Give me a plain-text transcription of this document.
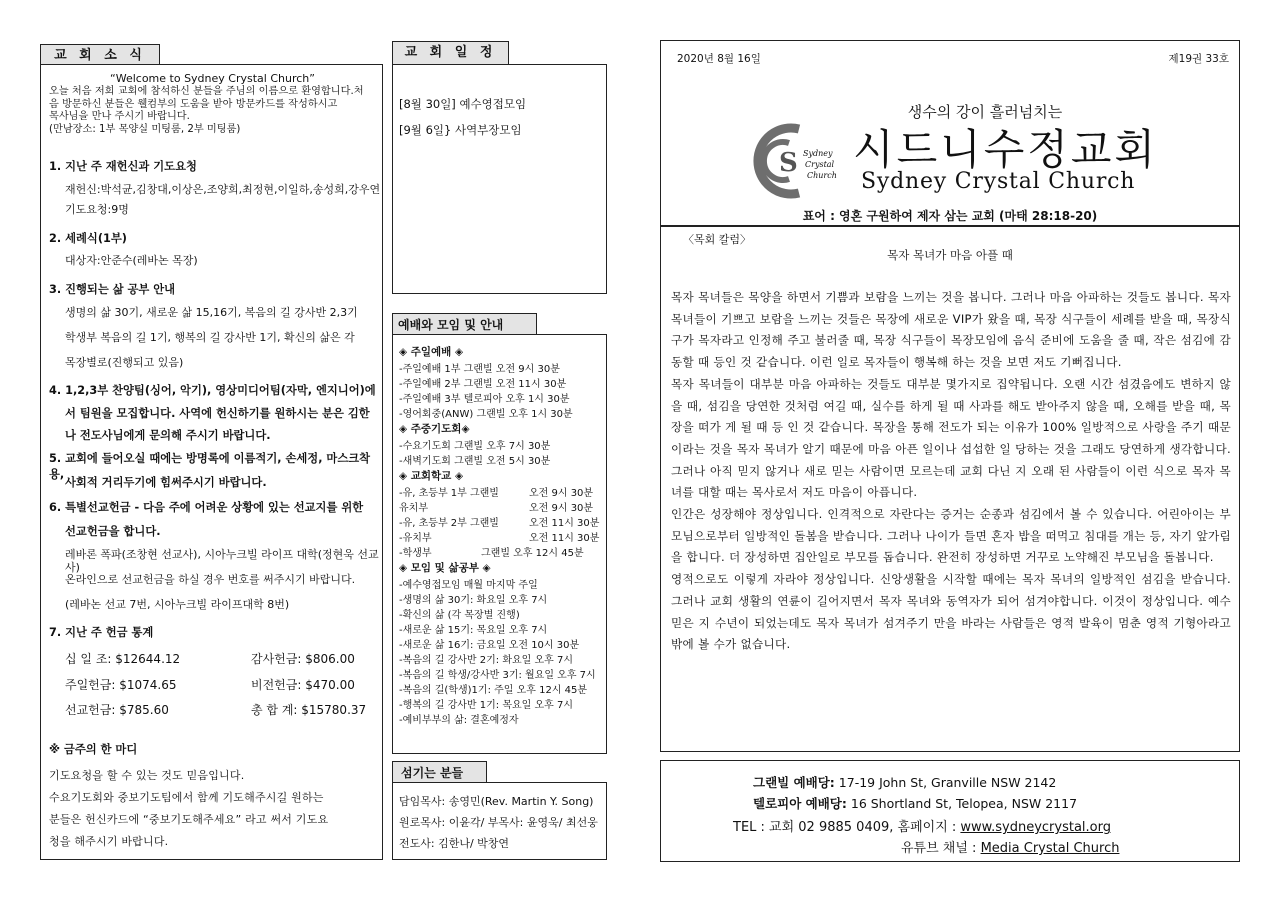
교 회 소 식
“Welcome to Sydney Crystal Church”
오늘 처음 저희 교회에 참석하신 분들을 주님의 이름으로 환영합니다.처
음 방문하신 분들은 웰컴부의 도움을 받아 방문카드를 작성하시고
목사님을 만나 주시기 바랍니다.
(만남장소: 1부 목양실 미팅룸, 2부 미팅룸)
1. 지난 주 재헌신과 기도요청
재헌신:박석균,김창대,이상은,조양희,최정현,이일하,송성희,강우연
기도요청:9명
2. 세례식(1부)
대상자:안준수(레바논 목장)
3. 진행되는 삶 공부 안내
생명의 삶 30기, 새로운 삶 15,16기, 복음의 길 강사반 2,3기
학생부 복음의 길 1기, 행복의 길 강사반 1기, 확신의 삶은 각
목장별로(진행되고 있음)
4. 1,2,3부 찬양팀(싱어, 악기), 영상미디어팀(자막, 엔지니어)에
서 팀원을 모집합니다. 사역에 헌신하기를 원하시는 분은 김한
나 전도사님에게 문의해 주시기 바랍니다.
5. 교회에 들어오실 때에는 방명록에 이름적기, 손세정, 마스크착용,
사회적 거리두기에 힘써주시기 바랍니다.
6. 특별선교헌금 - 다음 주에 어려운 상황에 있는 선교지를 위한
선교헌금을 합니다.
레바론 폭파(조창현 선교사), 시아누크빌 라이프 대학(정현욱 선교사)
온라인으로 선교헌금을 하실 경우 번호를 써주시기 바랍니다.
(레바논 선교 7번, 시아누크빌 라이프대학 8번)
7. 지난 주 헌금 통계
십 일 조: $12644.12	감사헌금: $806.00
주일헌금: $1074.65	비전헌금: $470.00
선교헌금: $785.60	총 합 계: $15780.37
※ 금주의 한 마디
기도요청을 할 수 있는 것도 믿음입니다.
수요기도회와 중보기도팀에서 함께 기도해주시길 원하는
분들은 헌신카드에 “중보기도해주세요” 라고 써서 기도요
청을 해주시기 바랍니다.
교 회 일 정
[8월 30일] 예수영접모임
[9월 6일} 사역부장모임
예배와 모임 및 안내
◈ 주일예배 ◈
-주일예배 1부 그랜빌 오전 9시 30분
-주일예배 2부 그랜빌 오전 11시 30분
-주일예배 3부 텔로피아 오후 1시 30분
-영어회중(ANW) 그랜빌 오후 1시 30분
◈ 주중기도회◈
-수요기도회 그랜빌 오후 7시 30분
-새벽기도회 그랜빌 오전 5시 30분
◈ 교회학교 ◈
-유, 초등부 1부 그랜빌	오전 9시 30분
유치부	오전 9시 30분
-유, 초등부 2부 그랜빌	오전 11시 30분
-유치부	오전 11시 30분
-학생부	그랜빌 오후 12시 45분
◈ 모임 및 삶공부 ◈
-예수영접모임 매월 마지막 주일
-생명의 삶 30기: 화요일 오후 7시
-확신의 삶 (각 목장별 진행)
-새로운 삶 15기: 목요일 오후 7시
-새로운 삶 16기: 금요일 오전 10시 30분
-복음의 길 강사반 2기: 화요일 오후 7시
-복음의 길 학생/강사반 3기: 월요일 오후 7시
-복음의 길(학생)1기: 주일 오후 12시 45분
-행복의 길 강사반 1기: 목요일 오후 7시
-예비부부의 삶: 결혼예정자
섬기는 분들
담임목사: 송영민(Rev. Martin Y. Song)
원로목사: 이윤각/ 부목사: 윤영욱/ 최선웅
전도사: 김한나/ 박창연
2020년 8월 16일	제19권 33호
생수의 강이 흘러넘치는
S Sydney
Crystal
Church
시드니수정교회
Sydney Crystal Church
표어 : 영혼 구원하여 제자 삼는 교회 (마태 28:18-20)
〈목회 칼럼〉
목자 목녀가 마음 아플 때

목자 목녀들은 목양을 하면서 기쁨과 보람을 느끼는 것을 봅니다. 그러나 마음 아파하는 것들도 봅니다. 목자 목녀들이 기쁘고 보람을 느끼는 것들은 목장에 새로운 VIP가 왔을 때, 목장 식구들이 세례를 받을 때, 목장식구가 목자라고 인정해 주고 불러줄 때, 목장 식구들이 목장모임에 음식 준비에 도움을 줄 때, 작은 섬김에 감동할 때 등인 것 같습니다. 이런 일로 목자들이 행복해 하는 것을 보면 저도 기뻐집니다.

목자 목녀들이 대부분 마음 아파하는 것들도 대부분 몇가지로 집약됩니다. 오랜 시간 섬겼음에도 변하지 않을 때, 섬김을 당연한 것처럼 여길 때, 실수를 하게 될 때 사과를 해도 받아주지 않을 때, 오해를 받을 때, 목장을 떠가 게 될 때 등 인 것 같습니다. 목장을 통해 전도가 되는 이유가 100% 일방적으로 사랑을 주기 때문이라는 것을 목자 목녀가 알기 때문에 마음 아픈 일이나 섭섭한 일 당하는 것을 그래도 당연하게 생각합니다. 그러나 아직 믿지 않거나 새로 믿는 사람이면 모르는데 교회 다닌 지 오래 된 사람들이 이런 식으로 목자 목녀를 대할 때는 목사로서 저도 마음이 아픕니다.

인간은 성장해야 정상입니다. 인격적으로 자란다는 증거는 순종과 섬김에서 볼 수 있습니다. 어린아이는 부모님으로부터 일방적인 돌봄을 받습니다. 그러나 나이가 들면 혼자 밥을 떠먹고 침대를 개는 등, 자기 앞가림을 합니다. 더 장성하면 집안일로 부모를 돕습니다. 완전히 장성하면 거꾸로 노약해진 부모님을 돌봅니다.

영적으로도 이렇게 자라야 정상입니다. 신앙생활을 시작할 때에는 목자 목녀의 일방적인 섬김을 받습니다. 그러나 교회 생활의 연륜이 길어지면서 목자 목녀와 동역자가 되어 섬겨야합니다. 이것이 정상입니다. 예수 믿은 지 수년이 되었는데도 목자 목녀가 섬겨주기 만을 바라는 사람들은 영적 발육이 멈춘 영적 기형아라고밖에 볼 수가 없습니다.

그랜빌 예배당: 17-19 John St, Granville NSW 2142
텔로피아 예배당: 16 Shortland St, Telopea, NSW 2117
TEL : 교회 02 9885 0409, 홈페이지 : www.sydneycrystal.org
유튜브 채널 : Media Crystal Church
